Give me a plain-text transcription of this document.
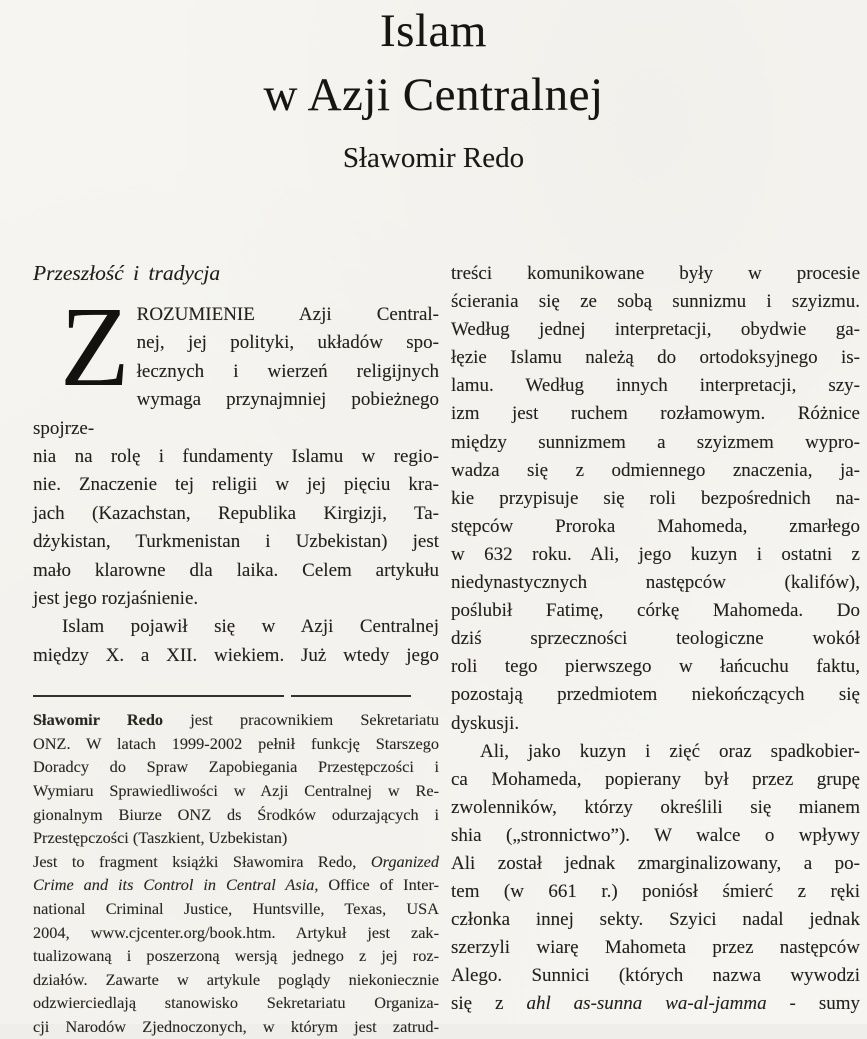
Islam
w Azji Centralnej
Sławomir Redo
Przeszłość i tradycja
Z ROZUMIENIE Azji Central-
nej, jej polityki, układów spo-
łecznych i wierzeń religijnych
wymaga przynajmniej pobieżnego spojrze-
nia na rolę i fundamenty Islamu w regio-
nie. Znaczenie tej religii w jej pięciu kra-
jach (Kazachstan, Republika Kirgizji, Ta-
dżykistan, Turkmenistan i Uzbekistan) jest
mało klarowne dla laika. Celem artykułu
jest jego rozjaśnienie.
Islam pojawił się w Azji Centralnej
między X. a XII. wiekiem. Już wtedy jego
Sławomir Redo jest pracownikiem Sekretariatu
ONZ. W latach 1999-2002 pełnił funkcję Starszego
Doradcy do Spraw Zapobiegania Przestępczości i
Wymiaru Sprawiedliwości w Azji Centralnej w Re-
gionalnym Biurze ONZ ds Środków odurzających i
Przestępczości (Taszkient, Uzbekistan)
Jest to fragment książki Sławomira Redo, Organized
Crime and its Control in Central Asia, Office of Inter-
national Criminal Justice, Huntsville, Texas, USA
2004, www.cjcenter.org/book.htm. Artykuł jest zak-
tualizowaną i poszerzoną wersją jednego z jej roz-
działów. Zawarte w artykule poglądy niekoniecznie
odzwierciedlają stanowisko Sekretariatu Organiza-
cji Narodów Zjednoczonych, w którym jest zatrud-
treści komunikowane były w procesie
ścierania się ze sobą sunnizmu i szyizmu.
Według jednej interpretacji, obydwie ga-
łęzie Islamu należą do ortodoksyjnego is-
lamu. Według innych interpretacji, szy-
izm jest ruchem rozłamowym. Różnice
między sunnizmem a szyizmem wypro-
wadza się z odmiennego znaczenia, ja-
kie przypisuje się roli bezpośrednich na-
stępców Proroka Mahomeda, zmarłego
w 632 roku. Ali, jego kuzyn i ostatni z
niedynastycznych następców (kalifów),
poślubił Fatimę, córkę Mahomeda. Do
dziś sprzeczności teologiczne wokół
roli tego pierwszego w łańcuchu faktu,
pozostają przedmiotem niekończących się
dyskusji.
Ali, jako kuzyn i zięć oraz spadkobier-
ca Mohameda, popierany był przez grupę
zwolenników, którzy określili się mianem
shia („stronnictwo”). W walce o wpływy
Ali został jednak zmarginalizowany, a po-
tem (w 661 r.) poniósł śmierć z ręki
członka innej sekty. Szyici nadal jednak
szerzyli wiarę Mahometa przez następców
Alego. Sunnici (których nazwa wywodzi
się z ahl as-sunna wa-al-jamma - sumy
